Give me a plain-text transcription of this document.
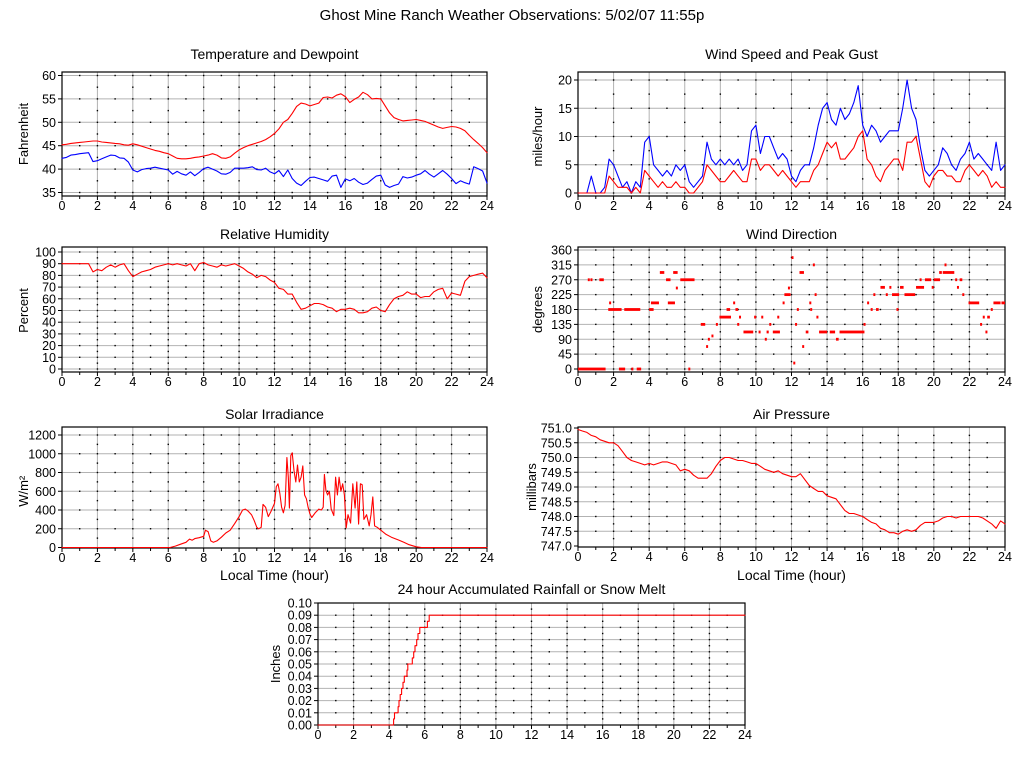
Ghost Mine Ranch Weather Observations: 5/02/07 11:55p
35
40
45
50
55
60
0 2 4 6 8 10 12 14 16 18 20 22 24
Temperature and Dewpoint
Fahrenheit
0
5
10
15
20
0 2 4 6 8 10 12 14 16 18 20 22 24
Wind Speed and Peak Gust
miles/hour
0
10
20
30
40
50
60
70
80
90
100
0 2 4 6 8 10 12 14 16 18 20 22 24
Relative Humidity
Percent
0
45
90
135
180
225
270
315
360
0 2 4 6 8 10 12 14 16 18 20 22 24
Wind Direction
degrees
0
200
400
600
800
1000
1200
0 2 4 6 8 10 12 14 16 18 20 22 24
Solar Irradiance
W/m²
Local Time (hour)
747.0
747.5
748.0
748.5
749.0
749.5
750.0
750.5
751.0
0 2 4 6 8 10 12 14 16 18 20 22 24
Air Pressure
millibars
Local Time (hour)
0.00
0.01
0.02
0.03
0.04
0.05
0.06
0.07
0.08
0.09
0.10
0 2 4 6 8 10 12 14 16 18 20 22 24
24 hour Accumulated Rainfall or Snow Melt
Inches
